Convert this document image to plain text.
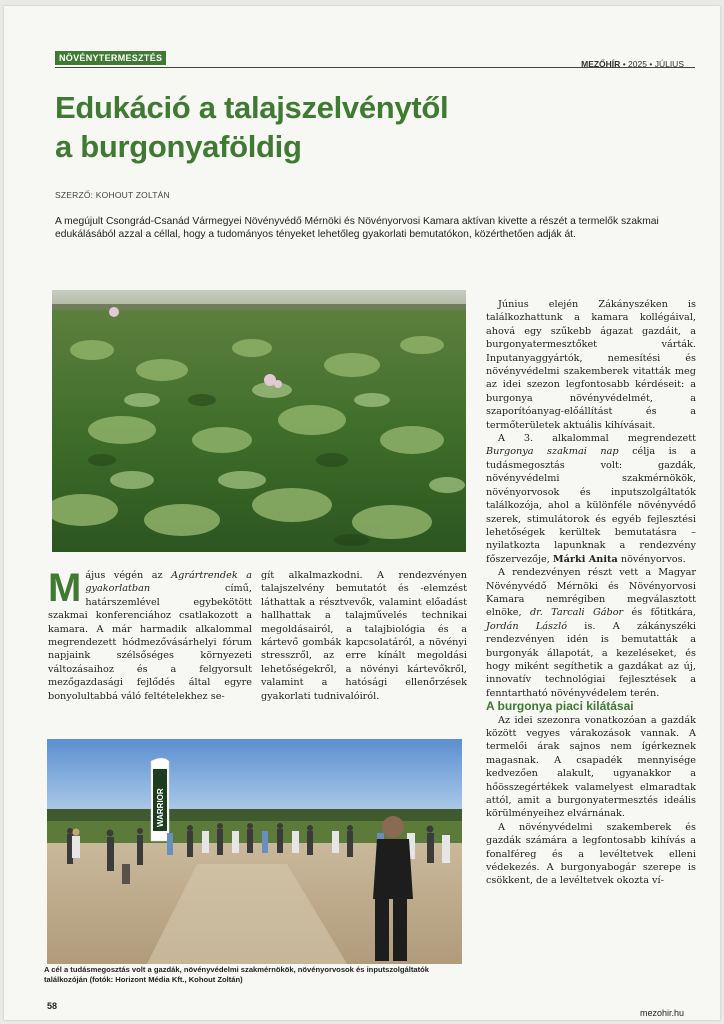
NÖVÉNYTERMESZTÉS
MEZŐHÍR • 2025 • JÚLIUS
Edukáció a talajszelvénytől
a burgonyaföldig
SZERZŐ: KOHOUT ZOLTÁN
A megújult Csongrád-Csanád Vármegyei Növényvédő Mérnöki és Növényorvosi Kamara aktívan kivette a részét a termelők szakmai edukálásából azzal a céllal, hogy a tudományos tényeket lehetőleg gyakorlati bemutatókon, közérthetően adják át.
WARRIOR
A cél a tudásmegosztás volt a gazdák, növényvédelmi szakmérnökök, növényorvosok és inputszolgáltatók találkozóján (fotók: Horizont Média Kft., Kohout Zoltán)

Május végén az Agrártrendek a gyakorlatban című, határszemlével egybekötött szakmai konferenciához csatlakozott a kamara. A már harmadik alkalommal megrendezett hódmezővásárhelyi fórum napjaink szélsőséges környezeti változásaihoz és a felgyorsult mezőgazdasági fejlődés által egyre bonyolultabbá váló feltételekhez se-

gít alkalmazkodni. A rendezvényen talajszelvény bemutatót és -elemzést láthattak a résztvevők, valamint előadást hallhattak a talajművelés technikai megoldásairól, a talajbiológia és a kártevő gombák kapcsolatáról, a növényi stresszről, az erre kínált megoldási lehetőségekről, a növényi kártevőkről, valamint a hatósági ellenőrzések gyakorlati tudnivalóiról.

Június elején Zákányszéken is találkozhattunk a kamara kollégáival, ahová egy szűkebb ágazat gazdáit, a burgonyatermesztőket várták. Inputanyaggyártók, nemesítési és növényvédelmi szakemberek vitatták meg az idei szezon legfontosabb kérdéseit: a burgonya növényvédelmét, a szaporítóanyag-előállítást és a termőterületek aktuális kihívásait.

A 3. alkalommal megrendezett Burgonya szakmai nap célja is a tudásmegosztás volt: gazdák, növényvédelmi szakmérnökök, növényorvosok és inputszolgáltatók találkozója, ahol a különféle növényvédő szerek, stimulátorok és egyéb fejlesztési lehetőségek kerültek bemutatásra – nyilatkozta lapunknak a rendezvény főszervezője, Márki Anita növényorvos.

A rendezvényen részt vett a Magyar Növényvédő Mérnöki és Növényorvosi Kamara nemrégiben megválasztott elnöke, dr. Tarcali Gábor és főtitkára, Jordán László is. A zákányszéki rendezvényen idén is bemutatták a burgonyák állapotát, a kezeléseket, és hogy miként segíthetik a gazdákat az új, innovatív technológiai fejlesztések a fenntartható növényvédelem terén.

A burgonya piaci kilátásai

Az idei szezonra vonatkozóan a gazdák között vegyes várakozások vannak. A termelői árak sajnos nem ígérkeznek magasnak. A csapadék mennyisége kedvezően alakult, ugyanakkor a hőösszegértékek valamelyest elmaradtak attól, amit a burgonyatermesztés ideális körülményeihez elvárnának.

A növényvédelmi szakemberek és gazdák számára a legfontosabb kihívás a fonalféreg és a levéltetvek elleni védekezés. A burgonyabogár szerepe is csökkent, de a levéltetvek okozta ví-

58
mezohir.hu
